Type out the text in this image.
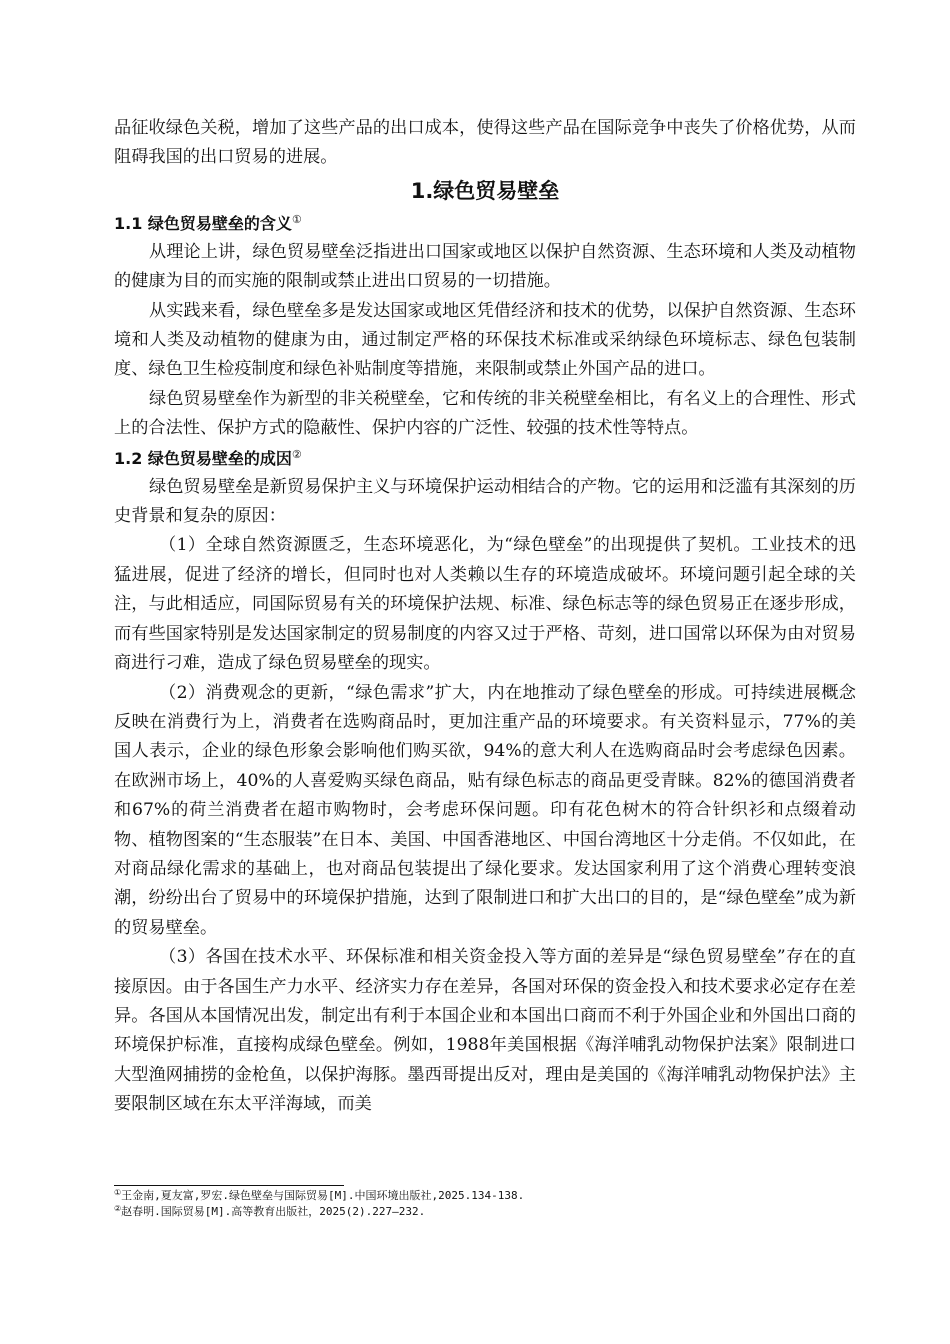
品征收绿色关税，增加了这些产品的出口成本，使得这些产品在国际竞争中丧失了价格优势，从而阻碍我国的出口贸易的进展。

1.绿色贸易壁垒
1.1 绿色贸易壁垒的含义①

从理论上讲，绿色贸易壁垒泛指进出口国家或地区以保护自然资源、生态环境和人类及动植物的健康为目的而实施的限制或禁止进出口贸易的一切措施。

从实践来看，绿色壁垒多是发达国家或地区凭借经济和技术的优势，以保护自然资源、生态环境和人类及动植物的健康为由，通过制定严格的环保技术标准或采纳绿色环境标志、绿色包装制度、绿色卫生检疫制度和绿色补贴制度等措施，来限制或禁止外国产品的进口。

绿色贸易壁垒作为新型的非关税壁垒，它和传统的非关税壁垒相比，有名义上的合理性、形式上的合法性、保护方式的隐蔽性、保护内容的广泛性、较强的技术性等特点。

1.2 绿色贸易壁垒的成因②

绿色贸易壁垒是新贸易保护主义与环境保护运动相结合的产物。它的运用和泛滥有其深刻的历史背景和复杂的原因：

（1）全球自然资源匮乏，生态环境恶化，为“绿色壁垒”的出现提供了契机。工业技术的迅猛进展，促进了经济的增长，但同时也对人类赖以生存的环境造成破坏。环境问题引起全球的关注，与此相适应，同国际贸易有关的环境保护法规、标准、绿色标志等的绿色贸易正在逐步形成，而有些国家特别是发达国家制定的贸易制度的内容又过于严格、苛刻，进口国常以环保为由对贸易商进行刁难，造成了绿色贸易壁垒的现实。

（2）消费观念的更新，“绿色需求”扩大，内在地推动了绿色壁垒的形成。可持续进展概念反映在消费行为上，消费者在选购商品时，更加注重产品的环境要求。有关资料显示，77%的美国人表示，企业的绿色形象会影响他们购买欲，94%的意大利人在选购商品时会考虑绿色因素。在欧洲市场上，40%的人喜爱购买绿色商品，贴有绿色标志的商品更受青睐。82%的德国消费者和67%的荷兰消费者在超市购物时，会考虑环保问题。印有花色树木的符合针织衫和点缀着动物、植物图案的“生态服装”在日本、美国、中国香港地区、中国台湾地区十分走俏。不仅如此，在对商品绿化需求的基础上，也对商品包装提出了绿化要求。发达国家利用了这个消费心理转变浪潮，纷纷出台了贸易中的环境保护措施，达到了限制进口和扩大出口的目的，是“绿色壁垒”成为新的贸易壁垒。

（3）各国在技术水平、环保标准和相关资金投入等方面的差异是“绿色贸易壁垒”存在的直接原因。由于各国生产力水平、经济实力存在差异，各国对环保的资金投入和技术要求必定存在差异。各国从本国情况出发，制定出有利于本国企业和本国出口商而不利于外国企业和外国出口商的环境保护标准，直接构成绿色壁垒。例如，1988年美国根据《海洋哺乳动物保护法案》限制进口大型渔网捕捞的金枪鱼，以保护海豚。墨西哥提出反对，理由是美国的《海洋哺乳动物保护法》主要限制区域在东太平洋海域，而美

①王金南,夏友富,罗宏.绿色壁垒与国际贸易[M].中国环境出版社,2025.134-138.
②赵春明.国际贸易[M].高等教育出版社，2025(2).227—232.
